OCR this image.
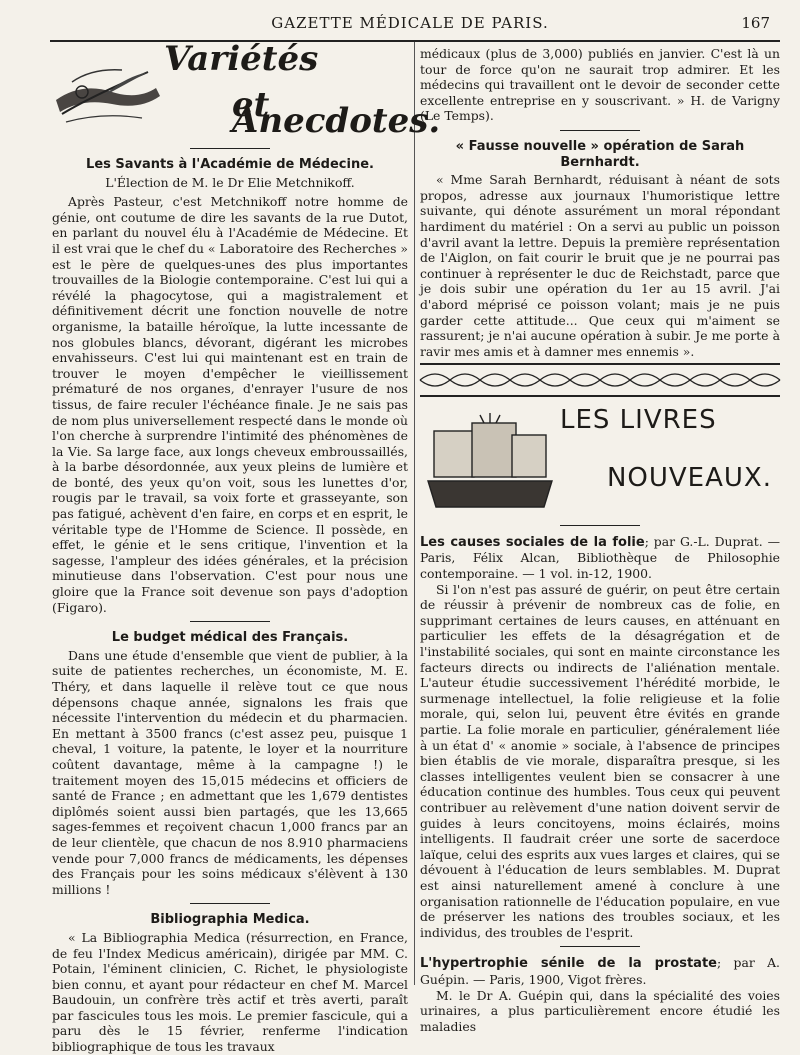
GAZETTE MÉDICALE DE PARIS.	167
Variétés
et Anecdotes.
Les Savants à l'Académie de Médecine.
L'Élection de M. le Dr Elie Metchnikoff.

Après Pasteur, c'est Metchnikoff notre homme de génie, ont coutume de dire les savants de la rue Dutot, en parlant du nouvel élu à l'Académie de Médecine. Et il est vrai que le chef du « Laboratoire des Recherches » est le père de quelques-unes des plus importantes trouvailles de la Biologie contemporaine. C'est lui qui a révélé la phagocytose, qui a magistralement et définitivement décrit une fonction nouvelle de notre organisme, la bataille héroïque, la lutte incessante de nos globules blancs, dévorant, digérant les microbes envahisseurs. C'est lui qui maintenant est en train de trouver le moyen d'empêcher le vieillissement prématuré de nos organes, d'enrayer l'usure de nos tissus, de faire reculer l'échéance finale. Je ne sais pas de nom plus universellement respecté dans le monde où l'on cherche à surprendre l'intimité des phénomènes de la Vie. Sa large face, aux longs cheveux embroussaillés, à la barbe désordonnée, aux yeux pleins de lumière et de bonté, des yeux qu'on voit, sous les lunettes d'or, rougis par le travail, sa voix forte et grasseyante, son pas fatigué, achèvent d'en faire, en corps et en esprit, le véritable type de l'Homme de Science. Il possède, en effet, le génie et le sens critique, l'invention et la sagesse, l'ampleur des idées générales, et la précision minutieuse dans l'observation. C'est pour nous une gloire que la France soit devenue son pays d'adoption (Figaro).

Le budget médical des Français.

Dans une étude d'ensemble que vient de publier, à la suite de patientes recherches, un économiste, M. E. Théry, et dans laquelle il relève tout ce que nous dépensons chaque année, signalons les frais que nécessite l'intervention du médecin et du pharmacien. En mettant à 3500 francs (c'est assez peu, puisque 1 cheval, 1 voiture, la patente, le loyer et la nourriture coûtent davantage, même à la campagne !) le traitement moyen des 15,015 médecins et officiers de santé de France ; en admettant que les 1,679 dentistes diplômés soient aussi bien partagés, que les 13,665 sages-femmes et reçoivent chacun 1,000 francs par an de leur clientèle, que chacun de nos 8.910 pharmaciens vende pour 7,000 francs de médicaments, les dépenses des Français pour les soins médicaux s'élèvent à 130 millions !

Bibliographia Medica.

« La Bibliographia Medica (résurrection, en France, de feu l'Index Medicus américain), dirigée par MM. C. Potain, l'éminent clinicien, C. Richet, le physiologiste bien connu, et ayant pour rédacteur en chef M. Marcel Baudouin, un confrère très actif et très averti, paraît par fascicules tous les mois. Le premier fascicule, qui a paru dès le 15 février, renferme l'indication bibliographique de tous les travaux

médicaux (plus de 3,000) publiés en janvier. C'est là un tour de force qu'on ne saurait trop admirer. Et les médecins qui travaillent ont le devoir de seconder cette excellente entreprise en y souscrivant. » H. de Varigny (Le Temps).

« Fausse nouvelle » opération de Sarah Bernhardt.

« Mme Sarah Bernhardt, réduisant à néant de sots propos, adresse aux journaux l'humoristique lettre suivante, qui dénote assurément un moral répondant hardiment du matériel : On a servi au public un poisson d'avril avant la lettre. Depuis la première représentation de l'Aiglon, on fait courir le bruit que je ne pourrai pas continuer à représenter le duc de Reichstadt, parce que je dois subir une opération du 1er au 15 avril. J'ai d'abord méprisé ce poisson volant; mais je ne puis garder cette attitude... Que ceux qui m'aiment se rassurent; je n'ai aucune opération à subir. Je me porte à ravir mes amis et à damner mes ennemis ».

LES LIVRES
NOUVEAUX.

Les causes sociales de la folie; par G.-L. Duprat. — Paris, Félix Alcan, Bibliothèque de Philosophie contemporaine. — 1 vol. in-12, 1900.

Si l'on n'est pas assuré de guérir, on peut être certain de réussir à prévenir de nombreux cas de folie, en supprimant certaines de leurs causes, en atténuant en particulier les effets de la désagrégation et de l'instabilité sociales, qui sont en mainte circonstance les facteurs directs ou indirects de l'aliénation mentale. L'auteur étudie successivement l'hérédité morbide, le surmenage intellectuel, la folie religieuse et la folie morale, qui, selon lui, peuvent être évités en grande partie. La folie morale en particulier, généralement liée à un état d' « anomie » sociale, à l'absence de principes bien établis de vie morale, disparaîtra presque, si les classes intelligentes veulent bien se consacrer à une éducation continue des humbles. Tous ceux qui peuvent contribuer au relèvement d'une nation doivent servir de guides à leurs concitoyens, moins éclairés, moins intelligents. Il faudrait créer une sorte de sacerdoce laïque, celui des esprits aux vues larges et claires, qui se dévouent à l'éducation de leurs semblables. M. Duprat est ainsi naturellement amené à conclure à une organisation rationnelle de l'éducation populaire, en vue de préserver les nations des troubles sociaux, et les individus, des troubles de l'esprit.

L'hypertrophie sénile de la prostate; par A. Guépin. — Paris, 1900, Vigot frères.

M. le Dr A. Guépin qui, dans la spécialité des voies urinaires, a plus particulièrement encore étudié les maladies
